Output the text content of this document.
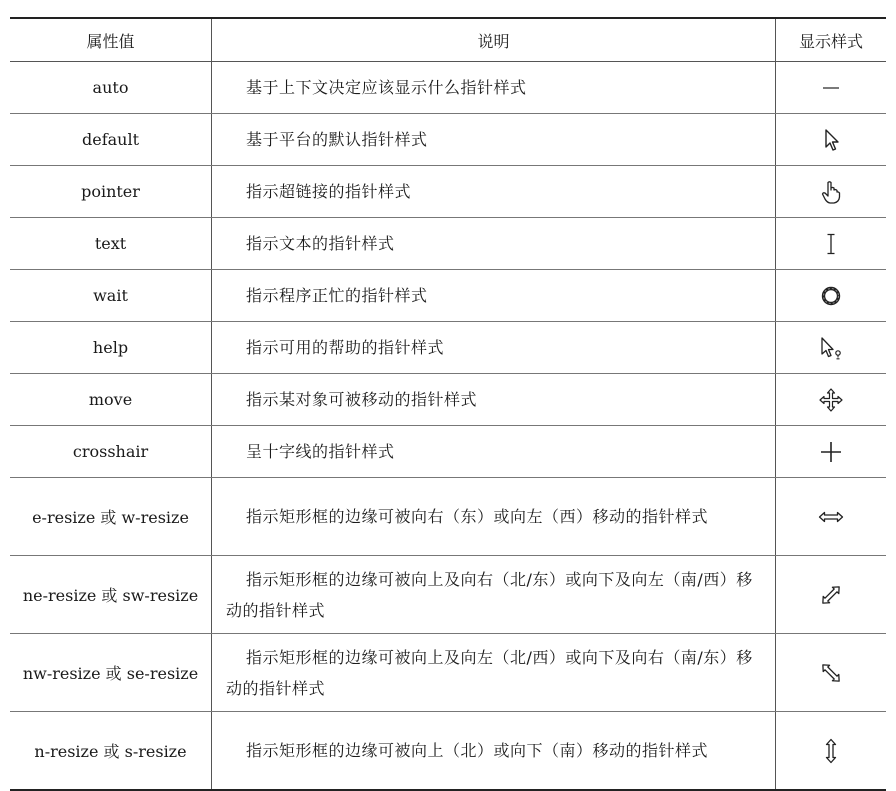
属性值	说明	显示样式
auto	基于上下文决定应该显示什么指针样式

default	基于平台的默认指针样式

pointer	指示超链接的指针样式

text	指示文本的指针样式

wait	指示程序正忙的指针样式

help	指示可用的帮助的指针样式

move	指示某对象可被移动的指针样式

crosshair	呈十字线的指针样式

e-resize 或 w-resize	指示矩形框的边缘可被向右（东）或向左（西）移动的指针样式

ne-resize 或 sw-resize	指示矩形框的边缘可被向上及向右（北/东）或向下及向左（南/西）移动的指针样式

nw-resize 或 se-resize	指示矩形框的边缘可被向上及向左（北/西）或向下及向右（南/东）移动的指针样式

n-resize 或 s-resize	指示矩形框的边缘可被向上（北）或向下（南）移动的指针样式
